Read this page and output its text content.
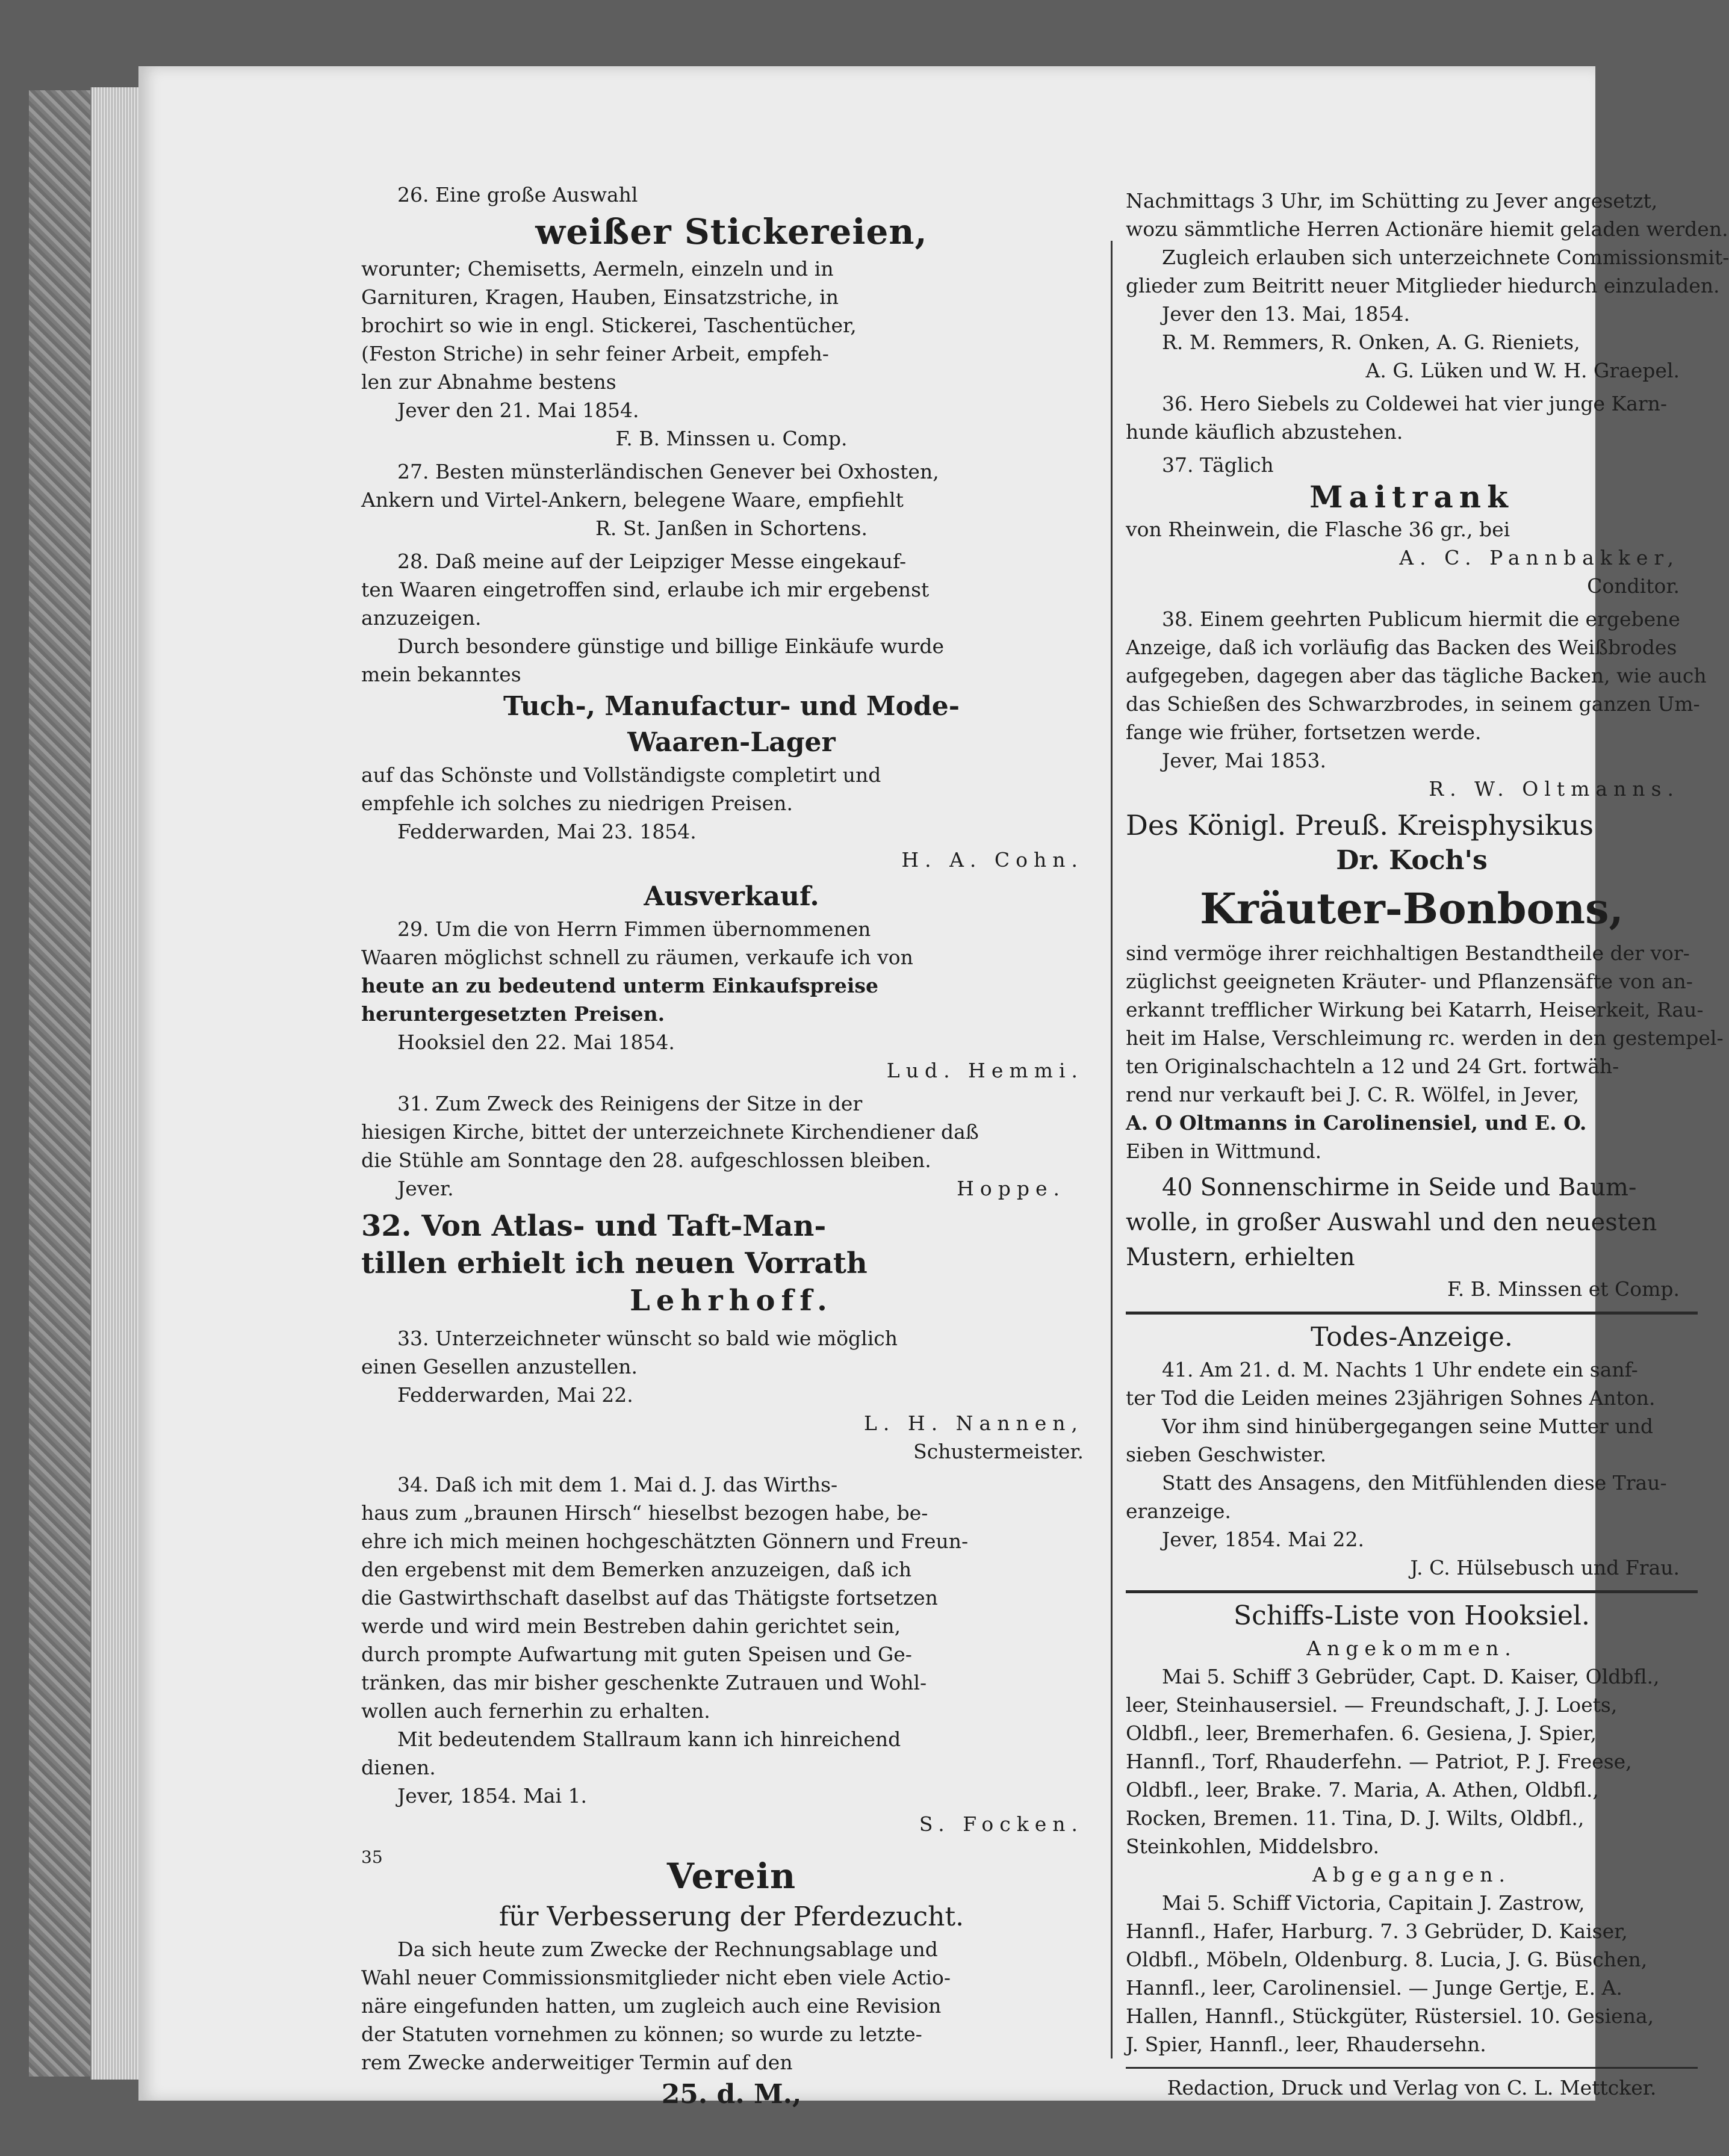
26. Eine große Auswahl
weißer Stickereien,
worunter; Chemisetts, Aermeln, einzeln und in
Garnituren, Kragen, Hauben, Einsatzstriche, in
brochirt so wie in engl. Stickerei, Taschentücher,
(Feston Striche) in sehr feiner Arbeit, empfeh-
len zur Abnahme bestens
Jever den 21. Mai 1854.
F. B. Minssen u. Comp.
27. Besten münsterländischen Genever bei Oxhosten,
Ankern und Virtel-Ankern, belegene Waare, empfiehlt
R. St. Janßen in Schortens.
28. Daß meine auf der Leipziger Messe eingekauf-
ten Waaren eingetroffen sind, erlaube ich mir ergebenst
anzuzeigen.
Durch besondere günstige und billige Einkäufe wurde
mein bekanntes
Tuch-, Manufactur- und Mode-
Waaren-Lager
auf das Schönste und Vollständigste completirt und
empfehle ich solches zu niedrigen Preisen.
Fedderwarden, Mai 23. 1854.
H. A. Cohn.
Ausverkauf.
29. Um die von Herrn Fimmen übernommenen
Waaren möglichst schnell zu räumen, verkaufe ich von
heute an zu bedeutend unterm Einkaufspreise
heruntergesetzten Preisen.
Hooksiel den 22. Mai 1854.
Lud. Hemmi.
31. Zum Zweck des Reinigens der Sitze in der
hiesigen Kirche, bittet der unterzeichnete Kirchendiener daß
die Stühle am Sonntage den 28. aufgeschlossen bleiben.
Jever.	Hoppe.
32. Von Atlas- und Taft-Man-
tillen erhielt ich neuen Vorrath
Lehrhoff.
33. Unterzeichneter wünscht so bald wie möglich
einen Gesellen anzustellen.
Fedderwarden, Mai 22.
L. H. Nannen,
Schustermeister.
34. Daß ich mit dem 1. Mai d. J. das Wirths-
haus zum „braunen Hirsch“ hieselbst bezogen habe, be-
ehre ich mich meinen hochgeschätzten Gönnern und Freun-
den ergebenst mit dem Bemerken anzuzeigen, daß ich
die Gastwirthschaft daselbst auf das Thätigste fortsetzen
werde und wird mein Bestreben dahin gerichtet sein,
durch prompte Aufwartung mit guten Speisen und Ge-
tränken, das mir bisher geschenkte Zutrauen und Wohl-
wollen auch fernerhin zu erhalten.
Mit bedeutendem Stallraum kann ich hinreichend
dienen.
Jever, 1854. Mai 1.
S. Focken.
35	Verein
für Verbesserung der Pferdezucht.
Da sich heute zum Zwecke der Rechnungsablage und
Wahl neuer Commissionsmitglieder nicht eben viele Actio-
näre eingefunden hatten, um zugleich auch eine Revision
der Statuten vornehmen zu können; so wurde zu letzte-
rem Zwecke anderweitiger Termin auf den
25. d. M.,
Nachmittags 3 Uhr, im Schütting zu Jever angesetzt,
wozu sämmtliche Herren Actionäre hiemit geladen werden.
Zugleich erlauben sich unterzeichnete Commissionsmit-
glieder zum Beitritt neuer Mitglieder hiedurch einzuladen.
Jever den 13. Mai, 1854.
R. M. Remmers, R. Onken, A. G. Rieniets,
A. G. Lüken und W. H. Graepel.
36. Hero Siebels zu Coldewei hat vier junge Karn-
hunde käuflich abzustehen.
37. Täglich
Maitrank
von Rheinwein, die Flasche 36 gr., bei
A. C. Pannbakker,
Conditor.
38. Einem geehrten Publicum hiermit die ergebene
Anzeige, daß ich vorläufig das Backen des Weißbrodes
aufgegeben, dagegen aber das tägliche Backen, wie auch
das Schießen des Schwarzbrodes, in seinem ganzen Um-
fange wie früher, fortsetzen werde.
Jever, Mai 1853.
R. W. Oltmanns.
Des Königl. Preuß. Kreisphysikus
Dr. Koch's
Kräuter-Bonbons,
sind vermöge ihrer reichhaltigen Bestandtheile der vor-
züglichst geeigneten Kräuter- und Pflanzensäfte von an-
erkannt trefflicher Wirkung bei Katarrh, Heiserkeit, Rau-
heit im Halse, Verschleimung rc. werden in den gestempel-
ten Originalschachteln a 12 und 24 Grt. fortwäh-
rend nur verkauft bei J. C. R. Wölfel, in Jever,
A. O Oltmanns in Carolinensiel, und E. O.
Eiben in Wittmund.
40 Sonnenschirme in Seide und Baum-
wolle, in großer Auswahl und den neuesten
Mustern, erhielten
F. B. Minssen et Comp.
Todes-Anzeige.
41. Am 21. d. M. Nachts 1 Uhr endete ein sanf-
ter Tod die Leiden meines 23jährigen Sohnes Anton.
Vor ihm sind hinübergegangen seine Mutter und
sieben Geschwister.
Statt des Ansagens, den Mitfühlenden diese Trau-
eranzeige.
Jever, 1854. Mai 22.
J. C. Hülsebusch und Frau.
Schiffs-Liste von Hooksiel.
Angekommen.
Mai 5. Schiff 3 Gebrüder, Capt. D. Kaiser, Oldbfl.,
leer, Steinhausersiel. — Freundschaft, J. J. Loets,
Oldbfl., leer, Bremerhafen. 6. Gesiena, J. Spier,
Hannfl., Torf, Rhauderfehn. — Patriot, P. J. Freese,
Oldbfl., leer, Brake. 7. Maria, A. Athen, Oldbfl.,
Rocken, Bremen. 11. Tina, D. J. Wilts, Oldbfl.,
Steinkohlen, Middelsbro.
Abgegangen.
Mai 5. Schiff Victoria, Capitain J. Zastrow,
Hannfl., Hafer, Harburg. 7. 3 Gebrüder, D. Kaiser,
Oldbfl., Möbeln, Oldenburg. 8. Lucia, J. G. Büschen,
Hannfl., leer, Carolinensiel. — Junge Gertje, E. A.
Hallen, Hannfl., Stückgüter, Rüstersiel. 10. Gesiena,
J. Spier, Hannfl., leer, Rhaudersehn.
Redaction, Druck und Verlag von C. L. Mettcker.
